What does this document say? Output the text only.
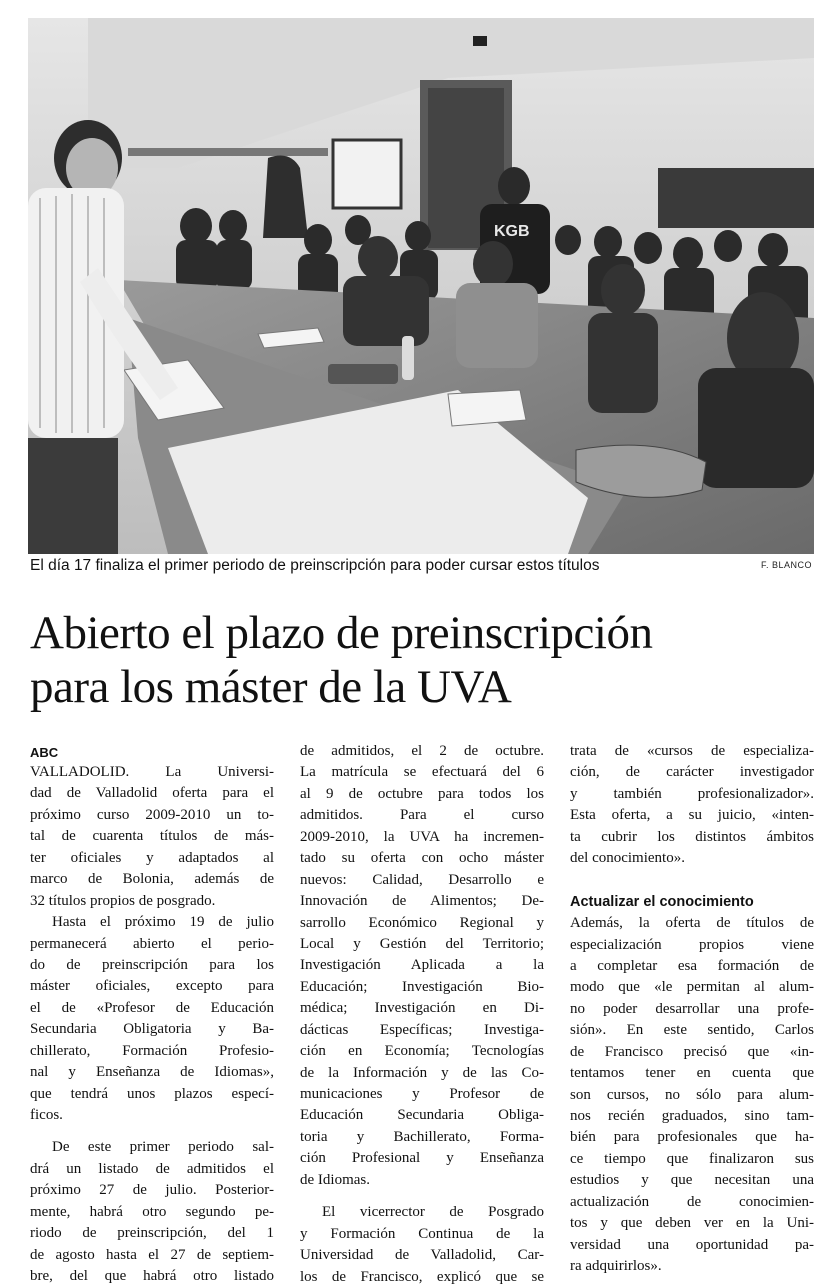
KGB
El día 17 finaliza el primer periodo de preinscripción para poder cursar estos títulos	F. BLANCO
Abierto el plazo de preinscripción
para los máster de la UVA
ABC
VALLADOLID. La Universi-
dad de Valladolid oferta para el
próximo curso 2009-2010 un to-
tal de cuarenta títulos de más-
ter oficiales y adaptados al
marco de Bolonia, además de
32 títulos propios de posgrado.
Hasta el próximo 19 de julio
permanecerá abierto el perio-
do de preinscripción para los
máster oficiales, excepto para
el de «Profesor de Educación
Secundaria Obligatoria y Ba-
chillerato, Formación Profesio-
nal y Enseñanza de Idiomas»,
que tendrá unos plazos especí-
ficos.
De este primer periodo sal-
drá un listado de admitidos el
próximo 27 de julio. Posterior-
mente, habrá otro segundo pe-
riodo de preinscripción, del 1
de agosto hasta el 27 de septiem-
bre, del que habrá otro listado
de admitidos, el 2 de octubre.
La matrícula se efectuará del 6
al 9 de octubre para todos los
admitidos. Para el curso
2009-2010, la UVA ha incremen-
tado su oferta con ocho máster
nuevos: Calidad, Desarrollo e
Innovación de Alimentos; De-
sarrollo Económico Regional y
Local y Gestión del Territorio;
Investigación Aplicada a la
Educación; Investigación Bio-
médica; Investigación en Di-
dácticas Específicas; Investiga-
ción en Economía; Tecnologías
de la Información y de las Co-
municaciones y Profesor de
Educación Secundaria Obliga-
toria y Bachillerato, Forma-
ción Profesional y Enseñanza
de Idiomas.
El vicerrector de Posgrado
y Formación Continua de la
Universidad de Valladolid, Car-
los de Francisco, explicó que se
trata de «cursos de especializa-
ción, de carácter investigador
y también profesionalizador».
Esta oferta, a su juicio, «inten-
ta cubrir los distintos ámbitos
del conocimiento».
Actualizar el conocimiento
Además, la oferta de títulos de
especialización propios viene
a completar esa formación de
modo que «le permitan al alum-
no poder desarrollar una profe-
sión». En este sentido, Carlos
de Francisco precisó que «in-
tentamos tener en cuenta que
son cursos, no sólo para alum-
nos recién graduados, sino tam-
bién para profesionales que ha-
ce tiempo que finalizaron sus
estudios y que necesitan una
actualización de conocimien-
tos y que deben ver en la Uni-
versidad una oportunidad pa-
ra adquirirlos».
